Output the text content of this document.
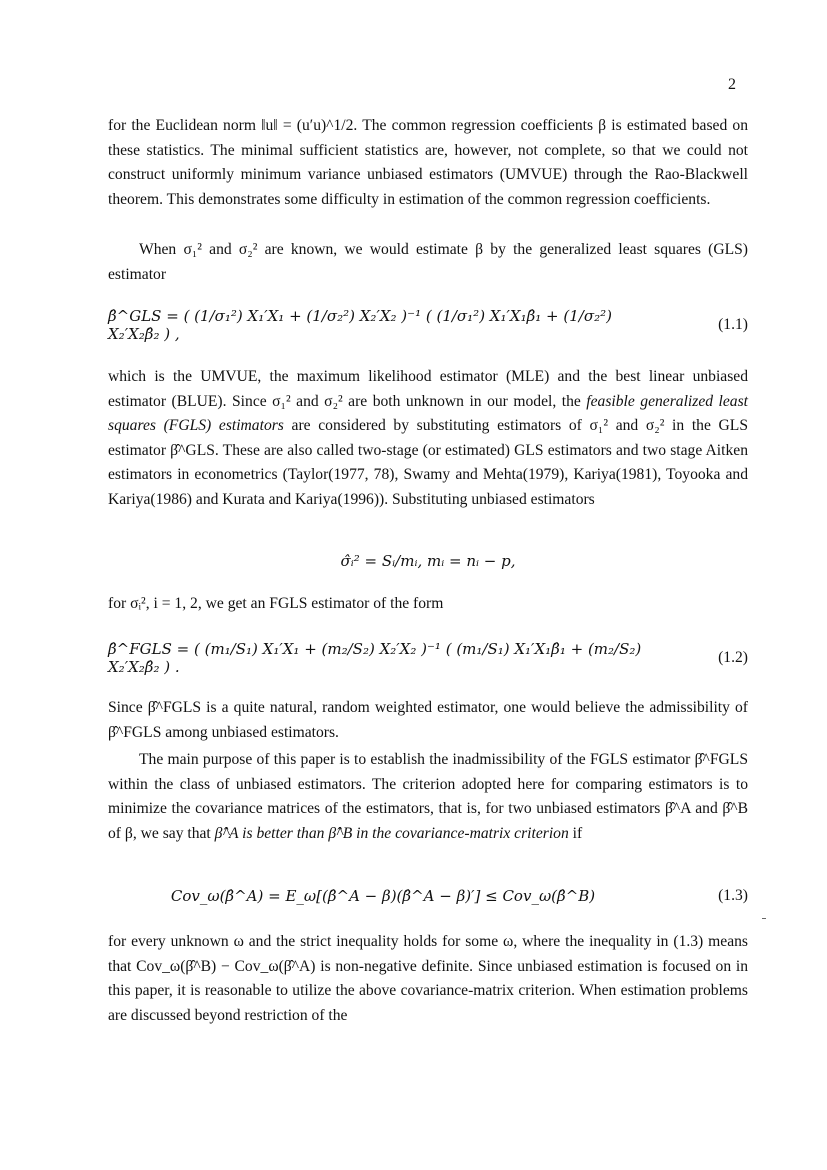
2

for the Euclidean norm ‖u‖ = (u′u)^1/2. The common regression coefficients β is estimated based on these statistics. The minimal sufficient statistics are, however, not complete, so that we could not construct uniformly minimum variance unbiased estimators (UMVUE) through the Rao-Blackwell theorem. This demonstrates some difficulty in estimation of the common regression coefficients.

When σ₁² and σ₂² are known, we would estimate β by the generalized least squares (GLS) estimator

β̂^GLS = ( (1/σ₁²) X₁′X₁ + (1/σ₂²) X₂′X₂ )⁻¹ ( (1/σ₁²) X₁′X₁β̂₁ + (1/σ₂²) X₂′X₂β̂₂ ) ,
(1.1)

which is the UMVUE, the maximum likelihood estimator (MLE) and the best linear unbiased estimator (BLUE). Since σ₁² and σ₂² are both unknown in our model, the feasible generalized least squares (FGLS) estimators are considered by substituting estimators of σ₁² and σ₂² in the GLS estimator β̂^GLS. These are also called two-stage (or estimated) GLS estimators and two stage Aitken estimators in econometrics (Taylor(1977, 78), Swamy and Mehta(1979), Kariya(1981), Toyooka and Kariya(1986) and Kurata and Kariya(1996)). Substituting unbiased estimators

σ̂ᵢ² = Sᵢ/mᵢ, mᵢ = nᵢ − p,

for σᵢ², i = 1, 2, we get an FGLS estimator of the form

β̂^FGLS = ( (m₁/S₁) X₁′X₁ + (m₂/S₂) X₂′X₂ )⁻¹ ( (m₁/S₁) X₁′X₁β̂₁ + (m₂/S₂) X₂′X₂β̂₂ ) .
(1.2)

Since β̂^FGLS is a quite natural, random weighted estimator, one would believe the admissibility of β̂^FGLS among unbiased estimators.

The main purpose of this paper is to establish the inadmissibility of the FGLS estimator β̂^FGLS within the class of unbiased estimators. The criterion adopted here for comparing estimators is to minimize the covariance matrices of the estimators, that is, for two unbiased estimators β̂^A and β̂^B of β, we say that β̂^A is better than β̂^B in the covariance-matrix criterion if

Cov_ω(β̂^A) = E_ω[(β̂^A − β)(β̂^A − β)′] ≤ Cov_ω(β̂^B)	(1.3)

for every unknown ω and the strict inequality holds for some ω, where the inequality in (1.3) means that Cov_ω(β̂^B) − Cov_ω(β̂^A) is non-negative definite. Since unbiased estimation is focused on in this paper, it is reasonable to utilize the above covariance-matrix criterion. When estimation problems are discussed beyond restriction of the
